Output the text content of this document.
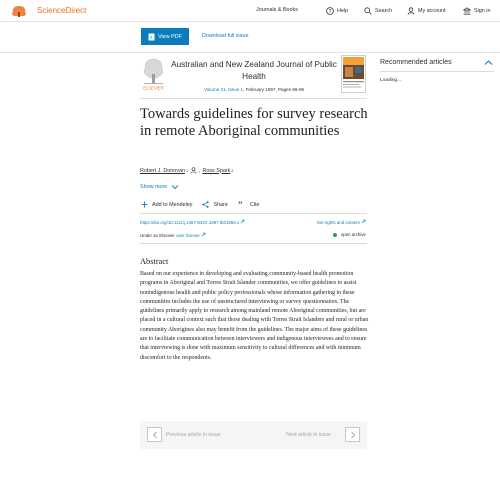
ScienceDirect	Journals & Books	? Help	Search	My account	Sign in
P View PDF	Download full issue
ELSEVIER
Australian and New Zealand Journal of Public Health
Volume 21, Issue 1, February 1997, Pages 86-95
Towards guidelines for survey research in remote Aboriginal communities
Robert J. Donovan 1 , Ross Spark 2
Show more
Add to Mendeley	Share ” Cite
https://doi.org/10.1111/j.1467-842X.1997.tb01666.x	Get rights and content
Under an Elsevier user license	open archive
Abstract
Based on our experience in developing and evaluating community-based health promotion programs in Aboriginal and Torres Strait Islander communities, we offer guidelines to assist nonindigenous health and public policy professionals whose information gathering in these communities includes the use of unstructured interviewing or survey questionnaires. The guidelines primarily apply to research among mainland remote Aboriginal communities, but are placed in a cultural context such that those dealing with Torres Strait Islanders and rural or urban community Aborigines also may benefit from the guidelines. The major aims of these guidelines are to facilitate communication between interviewers and indigenous interviewees and to ensure that interviewing is done with maximum sensitivity to cultural differences and with minimum discomfort to the respondents.
Previous article in issue	Next article in issue
Recommended articles
Loading...
